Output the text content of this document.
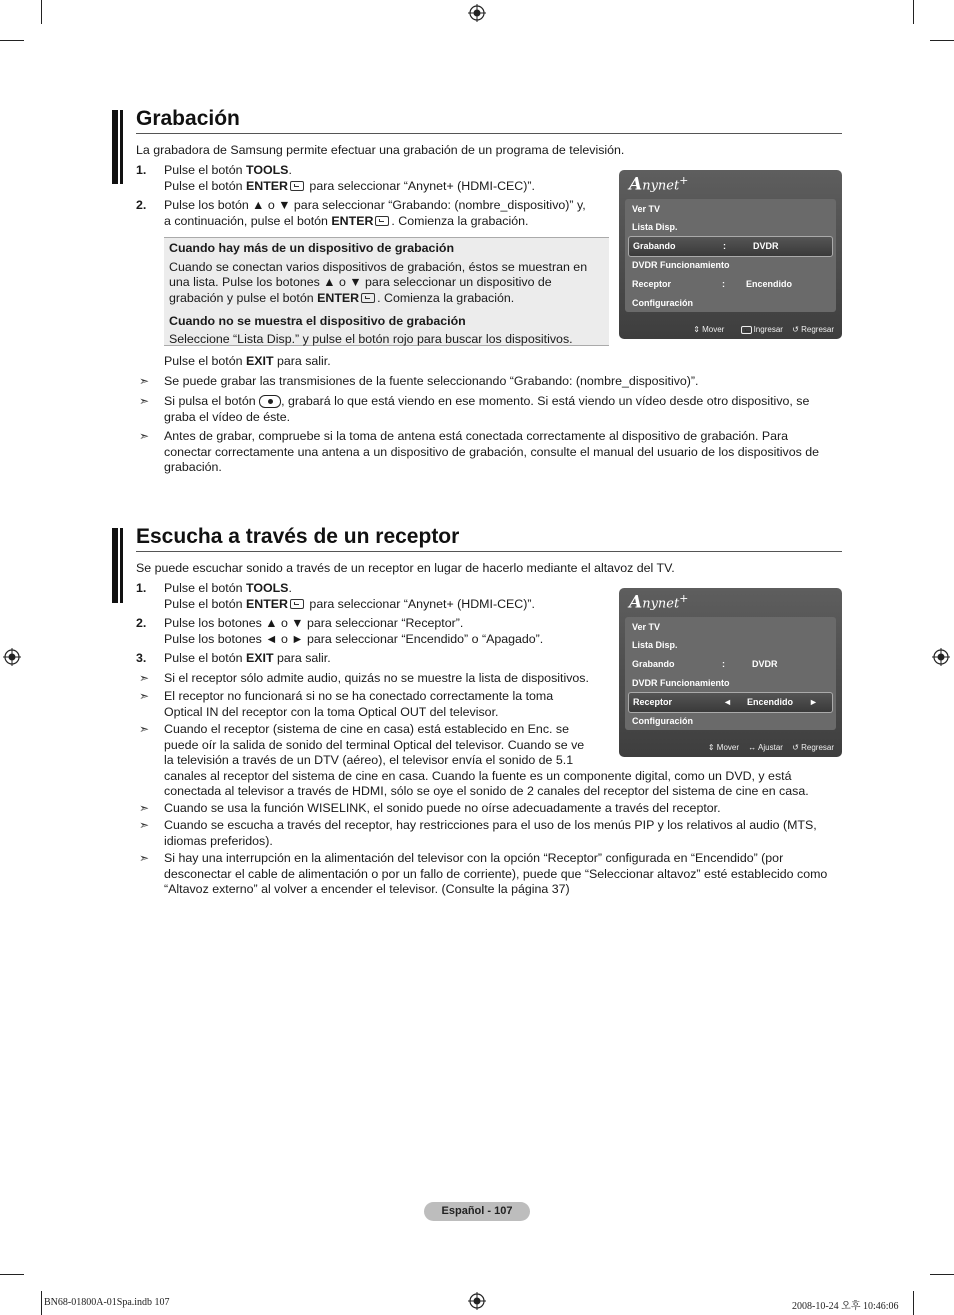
Grabación

La grabadora de Samsung permite efectuar una grabación de un programa de televisión.

1. Pulse el botón TOOLS.
Pulse el botón ENTER para seleccionar “Anynet+ (HDMI-CEC)”.

2. Pulse los botón ▲ o ▼ para seleccionar “Grabando: (nombre_dispositivo)” y,
a continuación, pulse el botón ENTER . Comienza la grabación.

Cuando hay más de un dispositivo de grabación
Cuando se conectan varios dispositivos de grabación, éstos se muestran en una lista. Pulse los botones ▲ o ▼ para seleccionar un dispositivo de grabación y pulse el botón ENTER . Comienza la grabación.
Cuando no se muestra el dispositivo de grabación
Seleccione “Lista Disp.” y pulse el botón rojo para buscar los dispositivos.

Pulse el botón EXIT para salir.

➣ Se puede grabar las transmisiones de la fuente seleccionando “Grabando: (nombre_dispositivo)”.

➣ Si pulsa el botón , grabará lo que está viendo en ese momento. Si está viendo un vídeo desde otro dispositivo, se graba el vídeo de éste.

➣ Antes de grabar, compruebe si la toma de antena está conectada correctamente al dispositivo de grabación. Para conectar correctamente una antena a un dispositivo de grabación, consulte el manual del usuario de los dispositivos de grabación.

Anynet+
Ver TV
Lista Disp.
Grabando	:	DVDR
DVDR Funcionamiento
Receptor	: Encendido
Configuración
⇕ Mover	Ingresar ↺ Regresar
Escucha a través de un receptor

Se puede escuchar sonido a través de un receptor en lugar de hacerlo mediante el altavoz del TV.

1. Pulse el botón TOOLS.
Pulse el botón ENTER para seleccionar “Anynet+ (HDMI-CEC)”.

2. Pulse los botones ▲ o ▼ para seleccionar “Receptor”.
Pulse los botones ◄ o ► para seleccionar “Encendido” o “Apagado”.

3. Pulse el botón EXIT para salir.

➣ Si el receptor sólo admite audio, quizás no se muestre la lista de dispositivos.

➣ El receptor no funcionará si no se ha conectado correctamente la toma
Optical IN del receptor con la toma Optical OUT del televisor.

➣ Cuando el receptor (sistema de cine en casa) está establecido en Enc. se
puede oír la salida de sonido del terminal Optical del televisor. Cuando se ve
la televisión a través de un DTV (aéreo), el televisor envía el sonido de 5.1
canales al receptor del sistema de cine en casa. Cuando la fuente es un componente digital, como un DVD, y está
conectada al televisor a través de HDMI, sólo se oye el sonido de 2 canales del receptor del sistema de cine en casa.

➣ Cuando se usa la función WISELINK, el sonido puede no oírse adecuadamente a través del receptor.

➣ Cuando se escucha a través del receptor, hay restricciones para el uso de los menús PIP y los relativos al audio (MTS, idiomas preferidos).

➣ Si hay una interrupción en la alimentación del televisor con la opción “Receptor” configurada en “Encendido” (por desconectar el cable de alimentación o por un fallo de corriente), puede que “Seleccionar altavoz” esté establecido como “Altavoz externo” al volver a encender el televisor. (Consulte la página 37)

Anynet+
Ver TV
Lista Disp.
Grabando	:	DVDR
DVDR Funcionamiento
Receptor	◄ Encendido ►
Configuración
⇕ Mover ↔ Ajustar ↺ Regresar
Español - 107
BN68-01800A-01Spa.indb 107	2008-10-24 오후 10:46:06
